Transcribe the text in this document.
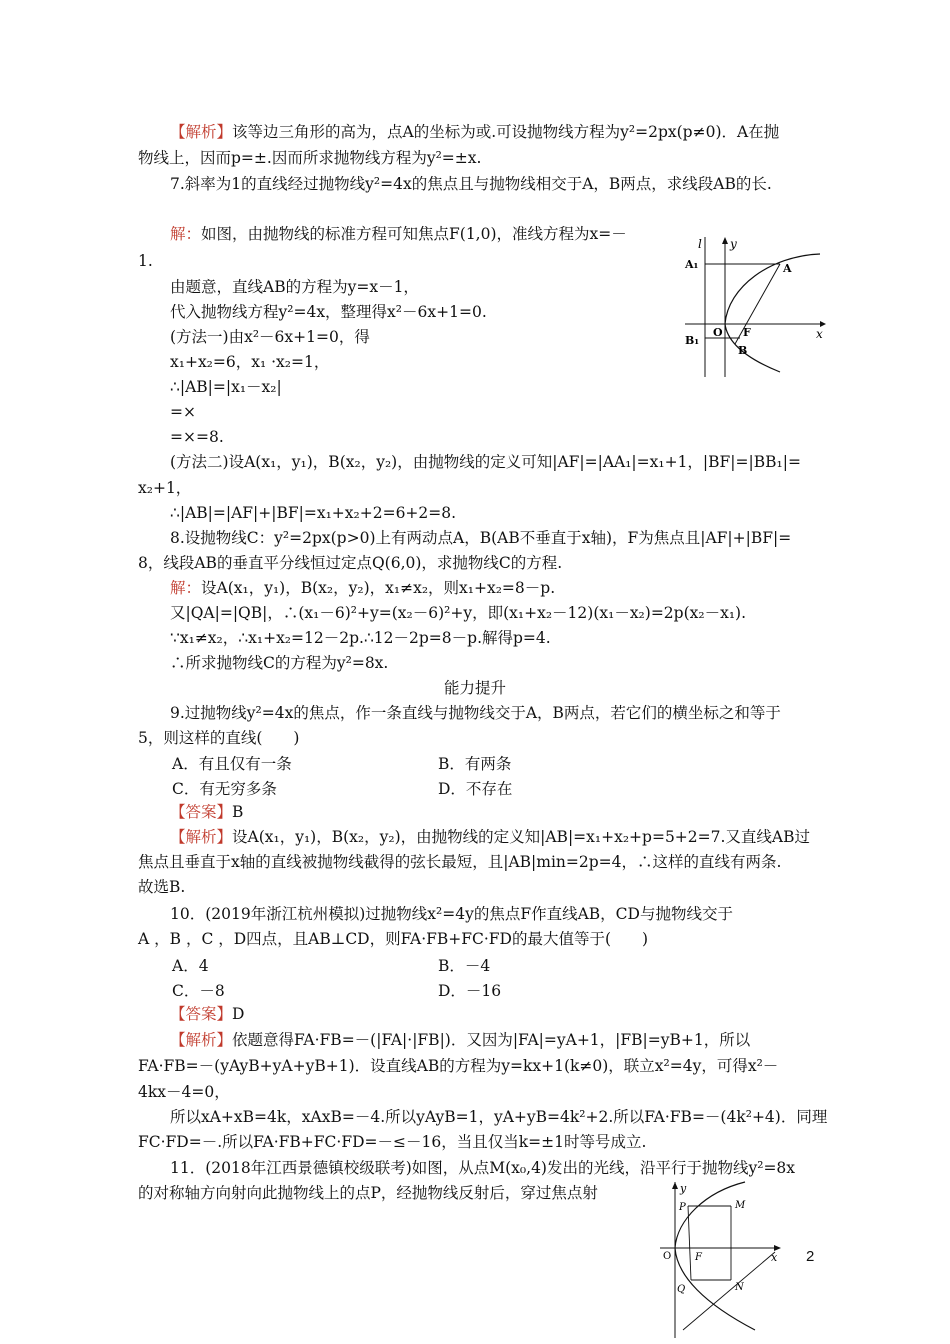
【解析】该等边三角形的高为，点A的坐标为或.可设抛物线方程为y²=2px(p≠0)．A在抛
物线上，因而p=±.因而所求抛物线方程为y²=±x.
7.斜率为1的直线经过抛物线y²=4x的焦点且与抛物线相交于A，B两点，求线段AB的长.
解：如图，由抛物线的标准方程可知焦点F(1,0)，准线方程为x=－
1.
由题意，直线AB的方程为y=x－1，
代入抛物线方程y²=4x，整理得x²－6x+1=0.
(方法一)由x²－6x+1=0，得
x₁+x₂=6，x₁ ·x₂=1，
∴|AB|=|x₁－x₂|
=×
=×=8.
(方法二)设A(x₁，y₁)，B(x₂，y₂)，由抛物线的定义可知|AF|=|AA₁|=x₁+1，|BF|=|BB₁|=
x₂+1，
∴|AB|=|AF|+|BF|=x₁+x₂+2=6+2=8.
8.设抛物线C：y²=2px(p>0)上有两动点A，B(AB不垂直于x轴)，F为焦点且|AF|+|BF|=
8，线段AB的垂直平分线恒过定点Q(6,0)，求抛物线C的方程.
解：设A(x₁，y₁)，B(x₂，y₂)，x₁≠x₂，则x₁+x₂=8－p.
又|QA|=|QB|，∴(x₁－6)²+y=(x₂－6)²+y，即(x₁+x₂－12)(x₁－x₂)=2p(x₂－x₁).
∵x₁≠x₂，∴x₁+x₂=12－2p.∴12－2p=8－p.解得p=4.
∴所求抛物线C的方程为y²=8x.
能力提升
9.过抛物线y²=4x的焦点，作一条直线与抛物线交于A，B两点，若它们的横坐标之和等于
5，则这样的直线(　　)
A．有且仅有一条	B．有两条
C．有无穷多条	D．不存在
【答案】B
【解析】设A(x₁，y₁)，B(x₂，y₂)，由抛物线的定义知|AB|=x₁+x₂+p=5+2=7.又直线AB过
焦点且垂直于x轴的直线被抛物线截得的弦长最短，且|AB|min=2p=4，∴这样的直线有两条.
故选B.
10．(2019年浙江杭州模拟)过抛物线x²=4y的焦点F作直线AB，CD与抛物线交于
A ，B ，C ，D四点，且AB⊥CD，则FA·FB+FC·FD的最大值等于(　　)
A．4	B．－4
C．－8	D．－16
【答案】D
【解析】依题意得FA·FB=－(|FA|·|FB|)．又因为|FA|=yA+1，|FB|=yB+1，所以
FA·FB=－(yAyB+yA+yB+1)．设直线AB的方程为y=kx+1(k≠0)，联立x²=4y，可得x²－
4kx－4=0，
所以xA+xB=4k，xAxB=－4.所以yAyB=1，yA+yB=4k²+2.所以FA·FB=－(4k²+4)．同理
FC·FD=－.所以FA·FB+FC·FD=－≤－16，当且仅当k=±1时等号成立.
11．(2018年江西景德镇校级联考)如图，从点M(x₀,4)发出的光线，沿平行于抛物线y²=8x
的对称轴方向射向此抛物线上的点P，经抛物线反射后，穿过焦点射
l y
x
A₁	A
O F
B₁
B
y
x
O
P	M
F
Q	N
2
